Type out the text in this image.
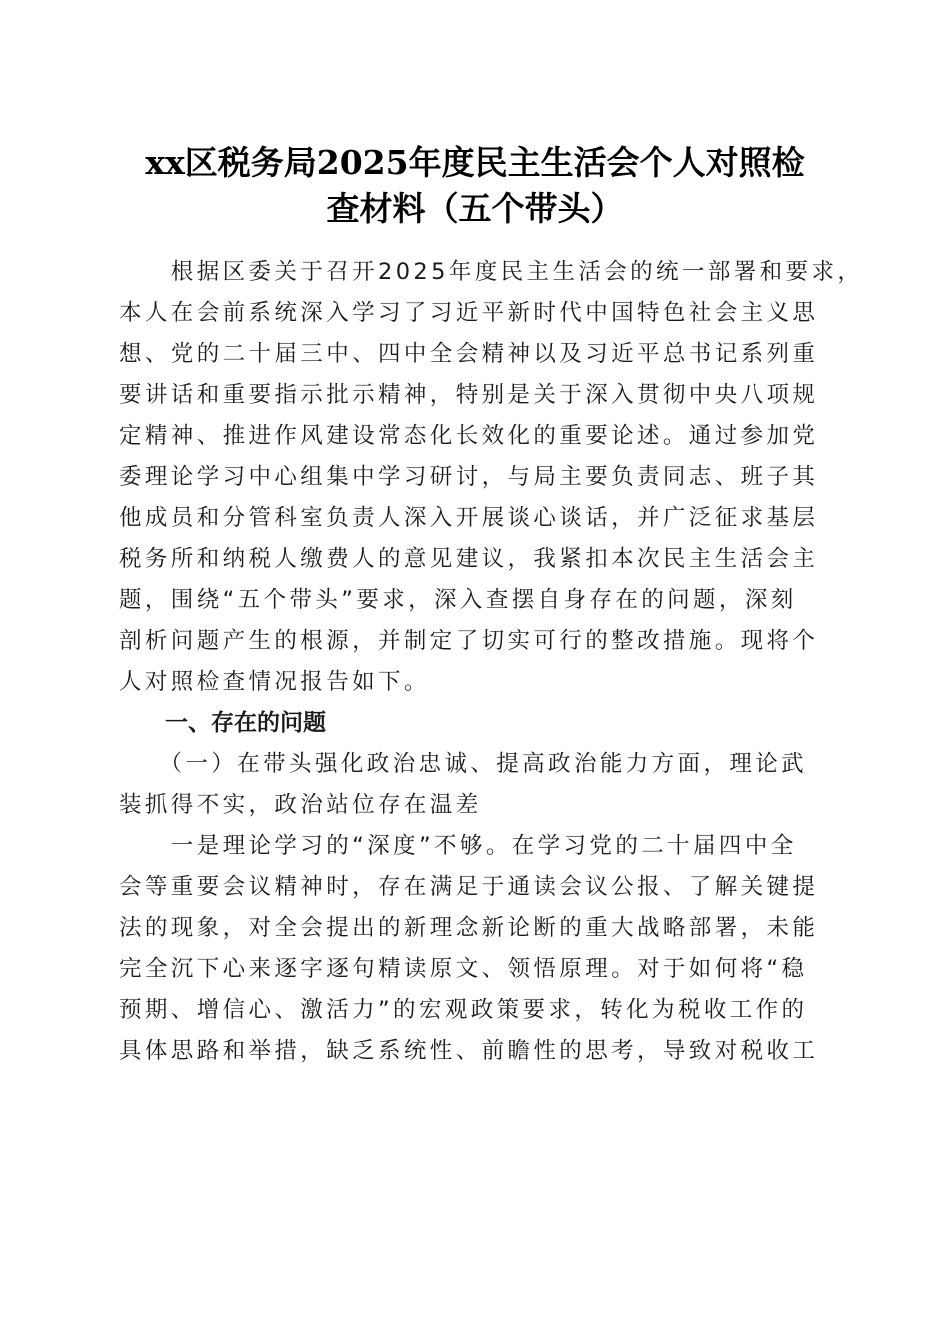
xx区税务局2025年度民主生活会个人对照检
查材料（五个带头）
　　根据区委关于召开2025年度民主生活会的统一部署和要求，
本人在会前系统深入学习了习近平新时代中国特色社会主义思
想、党的二十届三中、四中全会精神以及习近平总书记系列重
要讲话和重要指示批示精神，特别是关于深入贯彻中央八项规
定精神、推进作风建设常态化长效化的重要论述。通过参加党
委理论学习中心组集中学习研讨，与局主要负责同志、班子其
他成员和分管科室负责人深入开展谈心谈话，并广泛征求基层
税务所和纳税人缴费人的意见建议，我紧扣本次民主生活会主
题，围绕“五个带头”要求，深入查摆自身存在的问题，深刻
剖析问题产生的根源，并制定了切实可行的整改措施。现将个
人对照检查情况报告如下。
　　一、存在的问题
　　（一）在带头强化政治忠诚、提高政治能力方面，理论武
装抓得不实，政治站位存在温差
　　一是理论学习的“深度”不够。在学习党的二十届四中全
会等重要会议精神时，存在满足于通读会议公报、了解关键提
法的现象，对全会提出的新理念新论断的重大战略部署，未能
完全沉下心来逐字逐句精读原文、领悟原理。对于如何将“稳
预期、增信心、激活力”的宏观政策要求，转化为税收工作的
具体思路和举措，缺乏系统性、前瞻性的思考，导致对税收工
